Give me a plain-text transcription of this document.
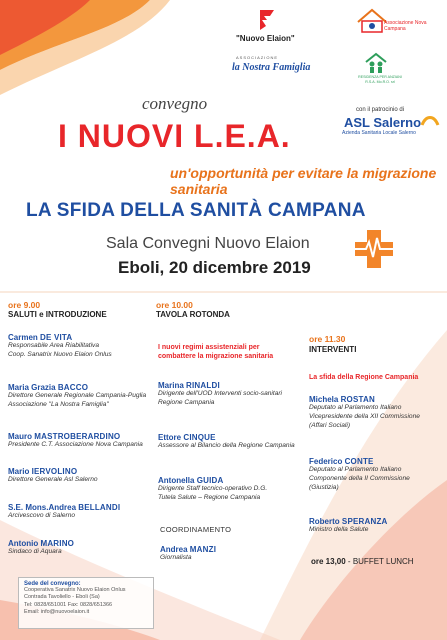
"Nuovo Elaion"
Associazione Nova Campana
ASSOCIAZIONE
la Nostra Famiglia
RESIDENZA PER ANZIANI
R.S.A. Mo.R.O. srl
con il patrocinio di
ASL Salerno
Azienda Sanitaria Locale Salerno
convegno
I NUOVI L.E.A.
un'opportunità per evitare la migrazione sanitaria
LA SFIDA DELLA SANITÀ CAMPANA
Sala Convegni Nuovo Elaion
Eboli, 20 dicembre 2019
ore 9.00
SALUTI e INTRODUZIONE
Carmen DE VITA
Responsabile Area Riabilitativa
Coop. Sanatrix Nuovo Elaion Onlus
Maria Grazia BACCO
Direttore Generale Regionale Campania-Puglia
Associazione "La Nostra Famiglia"
Mauro MASTROBERARDINO
Presidente C.T. Associazione Nova Campania
Mario IERVOLINO
Direttore Generale Asl Salerno
S.E. Mons.Andrea BELLANDI
Arcivescovo di Salerno
Antonio MARINO
Sindaco di Aquara
ore 10.00
TAVOLA ROTONDA
I nuovi regimi assistenziali per
combattere la migrazione sanitaria
Marina RINALDI
Dirigente dell'UOD Interventi socio-sanitari
Regione Campania
Ettore CINQUE
Assessore al Bilancio della Regione Campania
Antonella GUIDA
Dirigente Staff tecnico-operativo D.G.
Tutela Salute – Regione Campania
COORDINAMENTO
Andrea MANZI
Giornalista
ore 11.30
INTERVENTI
La sfida della Regione Campania
Michela ROSTAN
Deputato al Parlamento Italiano
Vicepresidente della XII Commissione
(Affari Sociali)
Federico CONTE
Deputato al Parlamento Italiano
Componente della II Commissione
(Giustizia)
Roberto SPERANZA
Ministro della Salute
ore 13,00 - BUFFET LUNCH
Sede del convegno:
Cooperativa Sanatrix Nuovo Elaion Onlus
Contrada Tavoliello - Eboli (Sa)
Tel: 0828/651001 Fax: 0828/651366
Email: info@nuovoelaion.it
